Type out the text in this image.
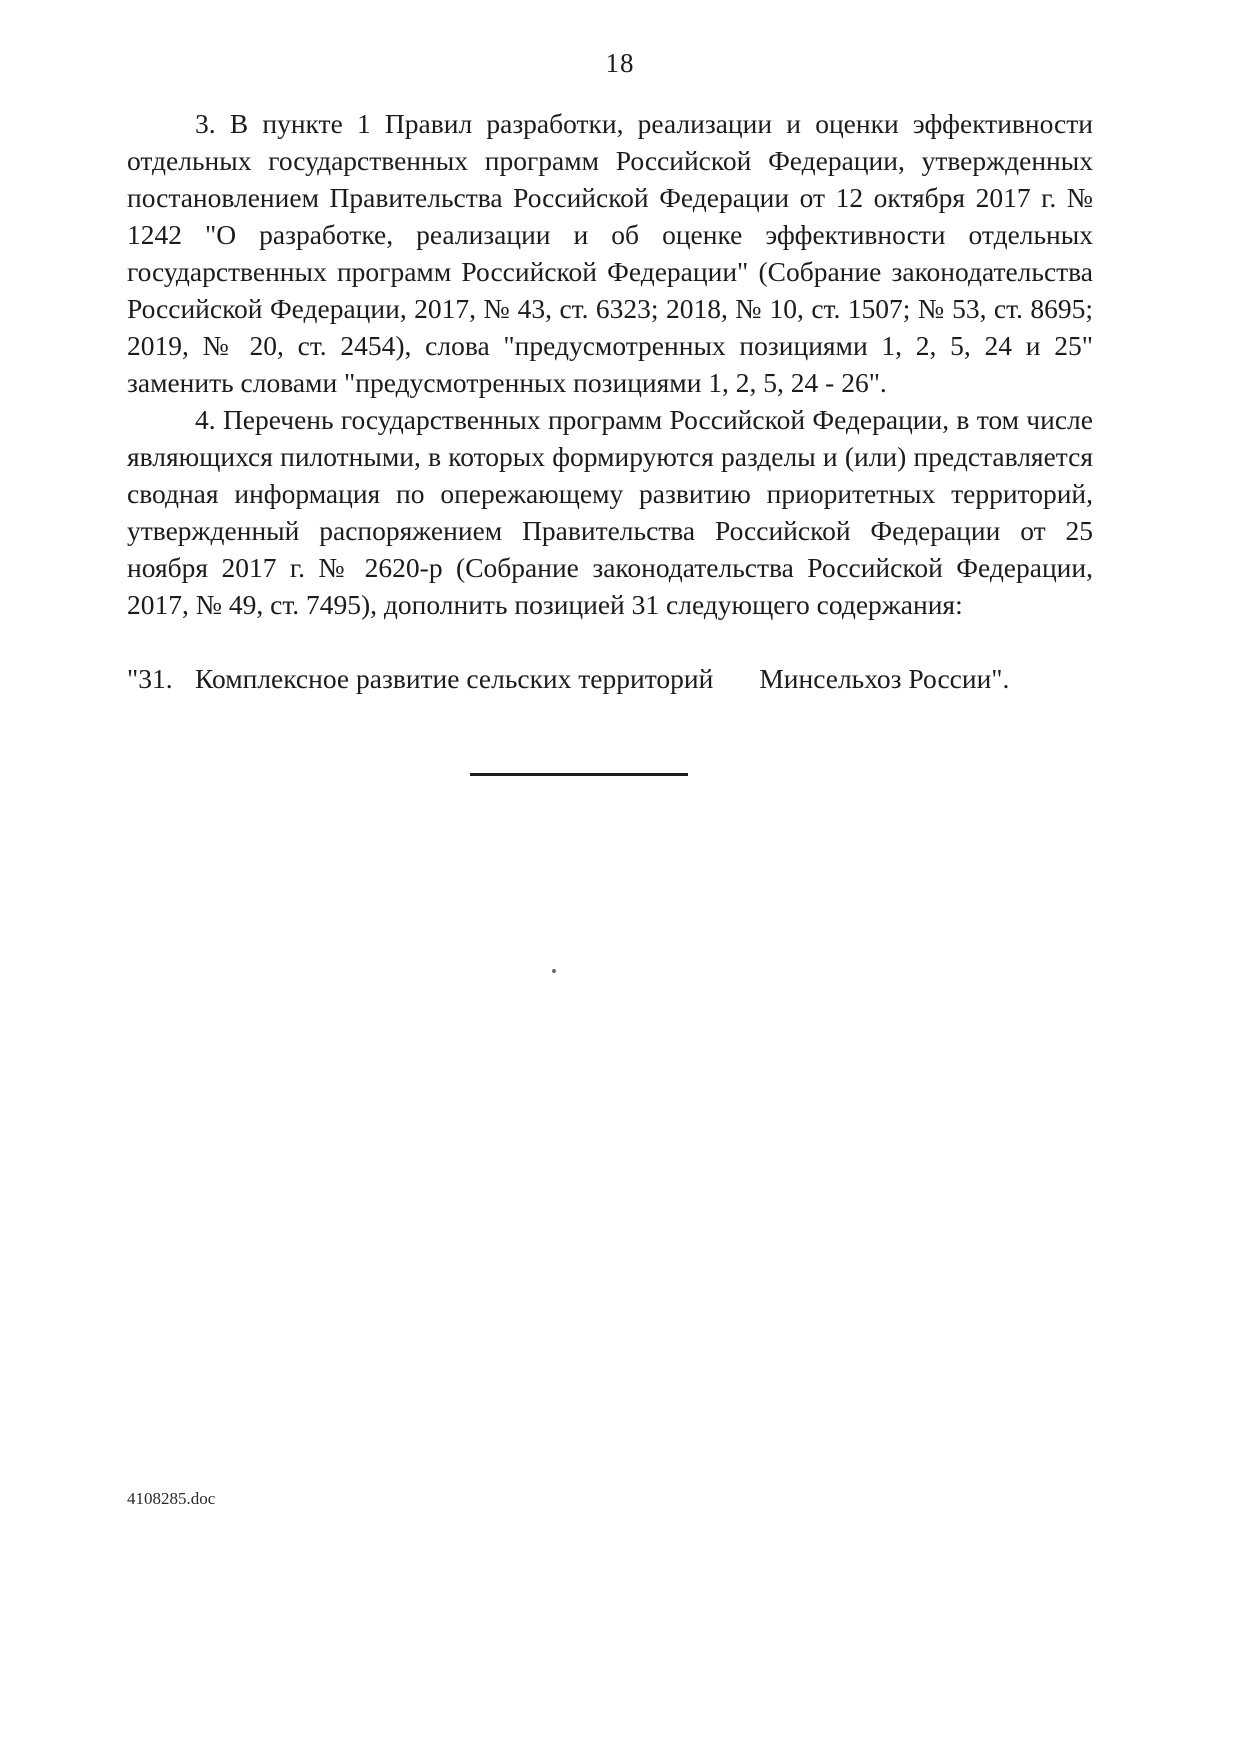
18

3. В пункте 1 Правил разработки, реализации и оценки эффективности отдельных государственных программ Российской Федерации, утвержденных постановлением Правительства Российской Федерации от 12 октября 2017 г. № 1242 "О разработке, реализации и об оценке эффективности отдельных государственных программ Российской Федерации" (Собрание законодательства Российской Федерации, 2017, № 43, ст. 6323; 2018, № 10, ст. 1507; № 53, ст. 8695; 2019, № 20, ст. 2454), слова "предусмотренных позициями 1, 2, 5, 24 и 25" заменить словами "предусмотренных позициями 1, 2, 5, 24 - 26".

4. Перечень государственных программ Российской Федерации, в том числе являющихся пилотными, в которых формируются разделы и (или) представляется сводная информация по опережающему развитию приоритетных территорий, утвержденный распоряжением Правительства Российской Федерации от 25 ноября 2017 г. № 2620-р (Собрание законодательства Российской Федерации, 2017, № 49, ст. 7495), дополнить позицией 31 следующего содержания:

"31. Комплексное развитие сельских территорий Минсельхоз России".
4108285.doc
